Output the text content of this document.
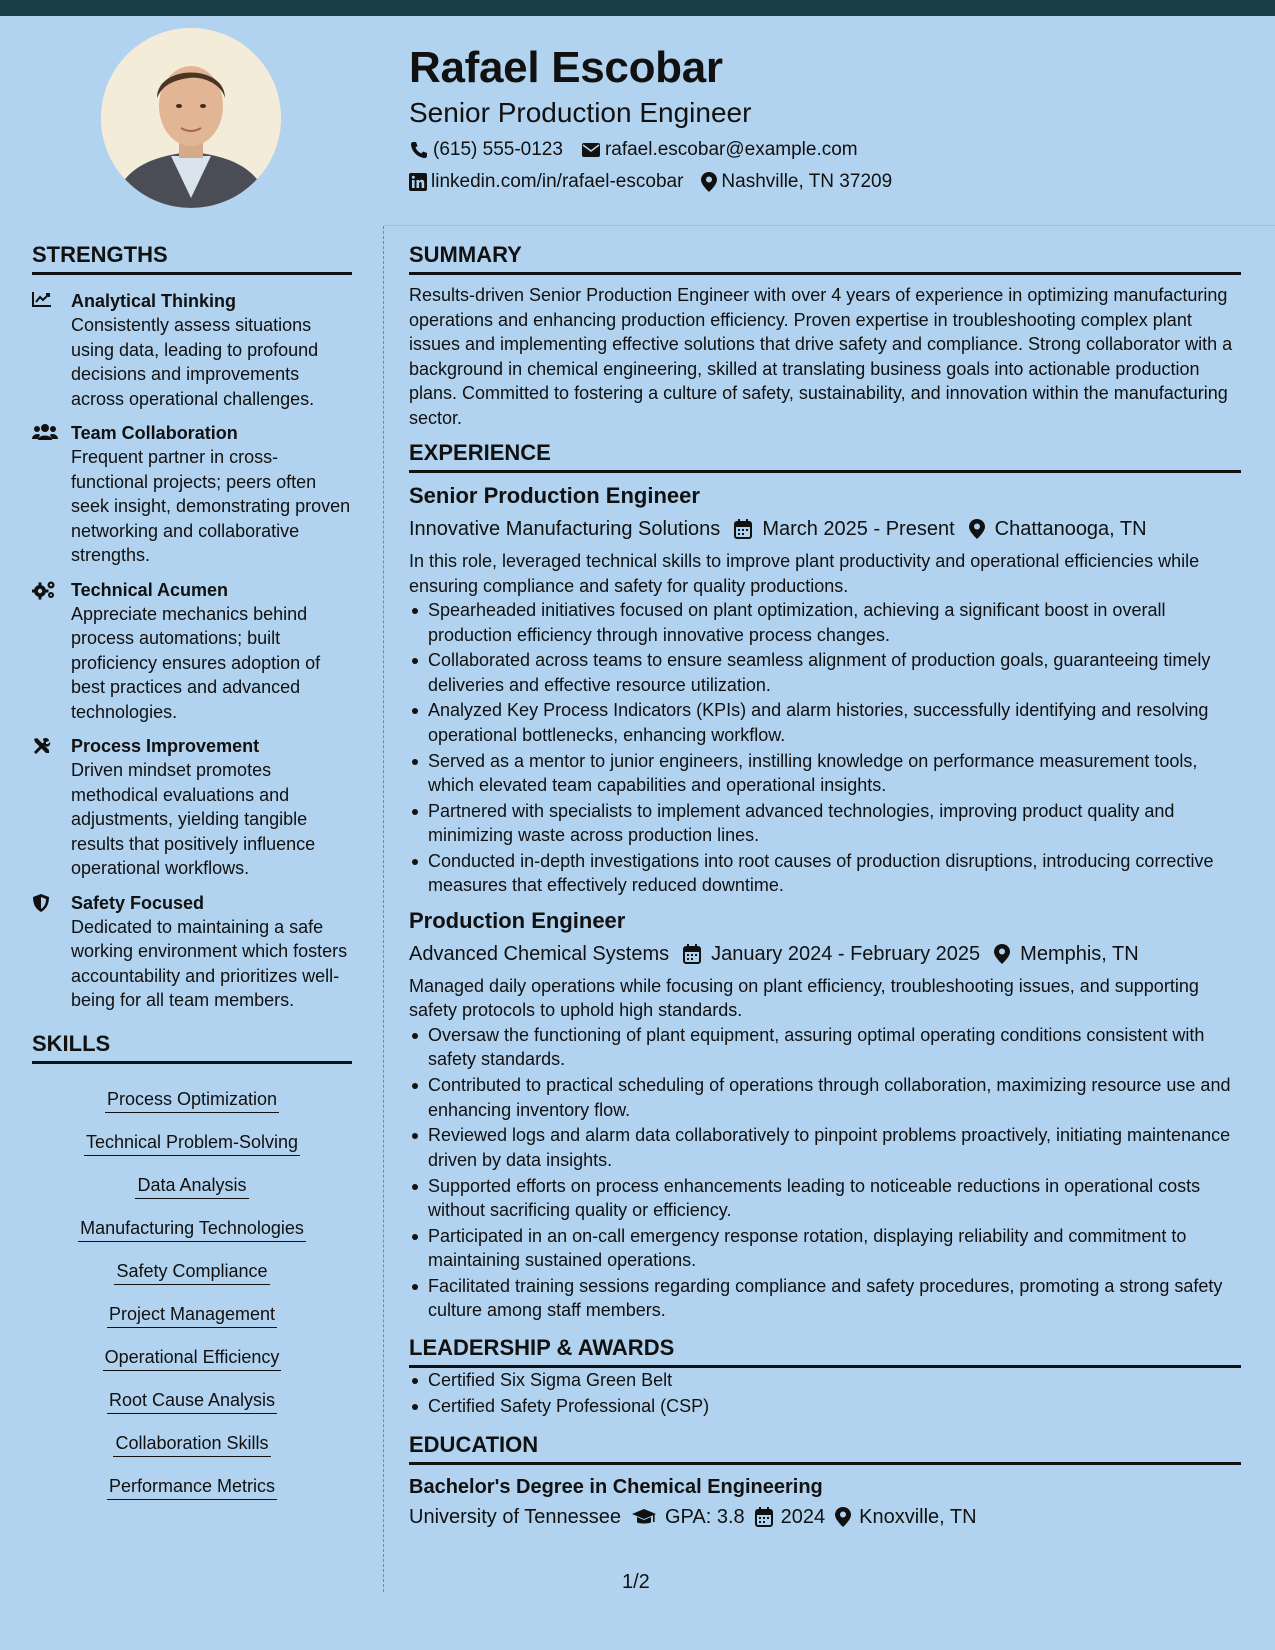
Rafael Escobar
Senior Production Engineer
(615) 555-0123 rafael.escobar@example.com
linkedin.com/in/rafael-escobar Nashville, TN 37209
STRENGTHS
Analytical Thinking
Consistently assess situations using data, leading to profound decisions and improvements across operational challenges.
Team Collaboration
Frequent partner in cross-functional projects; peers often seek insight, demonstrating proven networking and collaborative strengths.
Technical Acumen
Appreciate mechanics behind process automations; built proficiency ensures adoption of best practices and advanced technologies.
Process Improvement
Driven mindset promotes methodical evaluations and adjustments, yielding tangible results that positively influence operational workflows.
Safety Focused
Dedicated to maintaining a safe working environment which fosters accountability and prioritizes well-being for all team members.
SKILLS
Process Optimization
Technical Problem-Solving
Data Analysis
Manufacturing Technologies
Safety Compliance
Project Management
Operational Efficiency
Root Cause Analysis
Collaboration Skills
Performance Metrics
SUMMARY
Results-driven Senior Production Engineer with over 4 years of experience in optimizing manufacturing operations and enhancing production efficiency. Proven expertise in troubleshooting complex plant issues and implementing effective solutions that drive safety and compliance. Strong collaborator with a background in chemical engineering, skilled at translating business goals into actionable production plans. Committed to fostering a culture of safety, sustainability, and innovation within the manufacturing sector.
EXPERIENCE
Senior Production Engineer
Innovative Manufacturing Solutions March 2025 - Present Chattanooga, TN
In this role, leveraged technical skills to improve plant productivity and operational efficiencies while ensuring compliance and safety for quality productions.
Spearheaded initiatives focused on plant optimization, achieving a significant boost in overall production efficiency through innovative process changes.
Collaborated across teams to ensure seamless alignment of production goals, guaranteeing timely deliveries and effective resource utilization.
Analyzed Key Process Indicators (KPIs) and alarm histories, successfully identifying and resolving operational bottlenecks, enhancing workflow.
Served as a mentor to junior engineers, instilling knowledge on performance measurement tools, which elevated team capabilities and operational insights.
Partnered with specialists to implement advanced technologies, improving product quality and minimizing waste across production lines.
Conducted in-depth investigations into root causes of production disruptions, introducing corrective measures that effectively reduced downtime.
Production Engineer
Advanced Chemical Systems January 2024 - February 2025 Memphis, TN
Managed daily operations while focusing on plant efficiency, troubleshooting issues, and supporting safety protocols to uphold high standards.
Oversaw the functioning of plant equipment, assuring optimal operating conditions consistent with safety standards.
Contributed to practical scheduling of operations through collaboration, maximizing resource use and enhancing inventory flow.
Reviewed logs and alarm data collaboratively to pinpoint problems proactively, initiating maintenance driven by data insights.
Supported efforts on process enhancements leading to noticeable reductions in operational costs without sacrificing quality or efficiency.
Participated in an on-call emergency response rotation, displaying reliability and commitment to maintaining sustained operations.
Facilitated training sessions regarding compliance and safety procedures, promoting a strong safety culture among staff members.
LEADERSHIP & AWARDS
Certified Six Sigma Green Belt
Certified Safety Professional (CSP)
EDUCATION
Bachelor's Degree in Chemical Engineering
University of Tennessee GPA: 3.8 2024 Knoxville, TN
1/2
